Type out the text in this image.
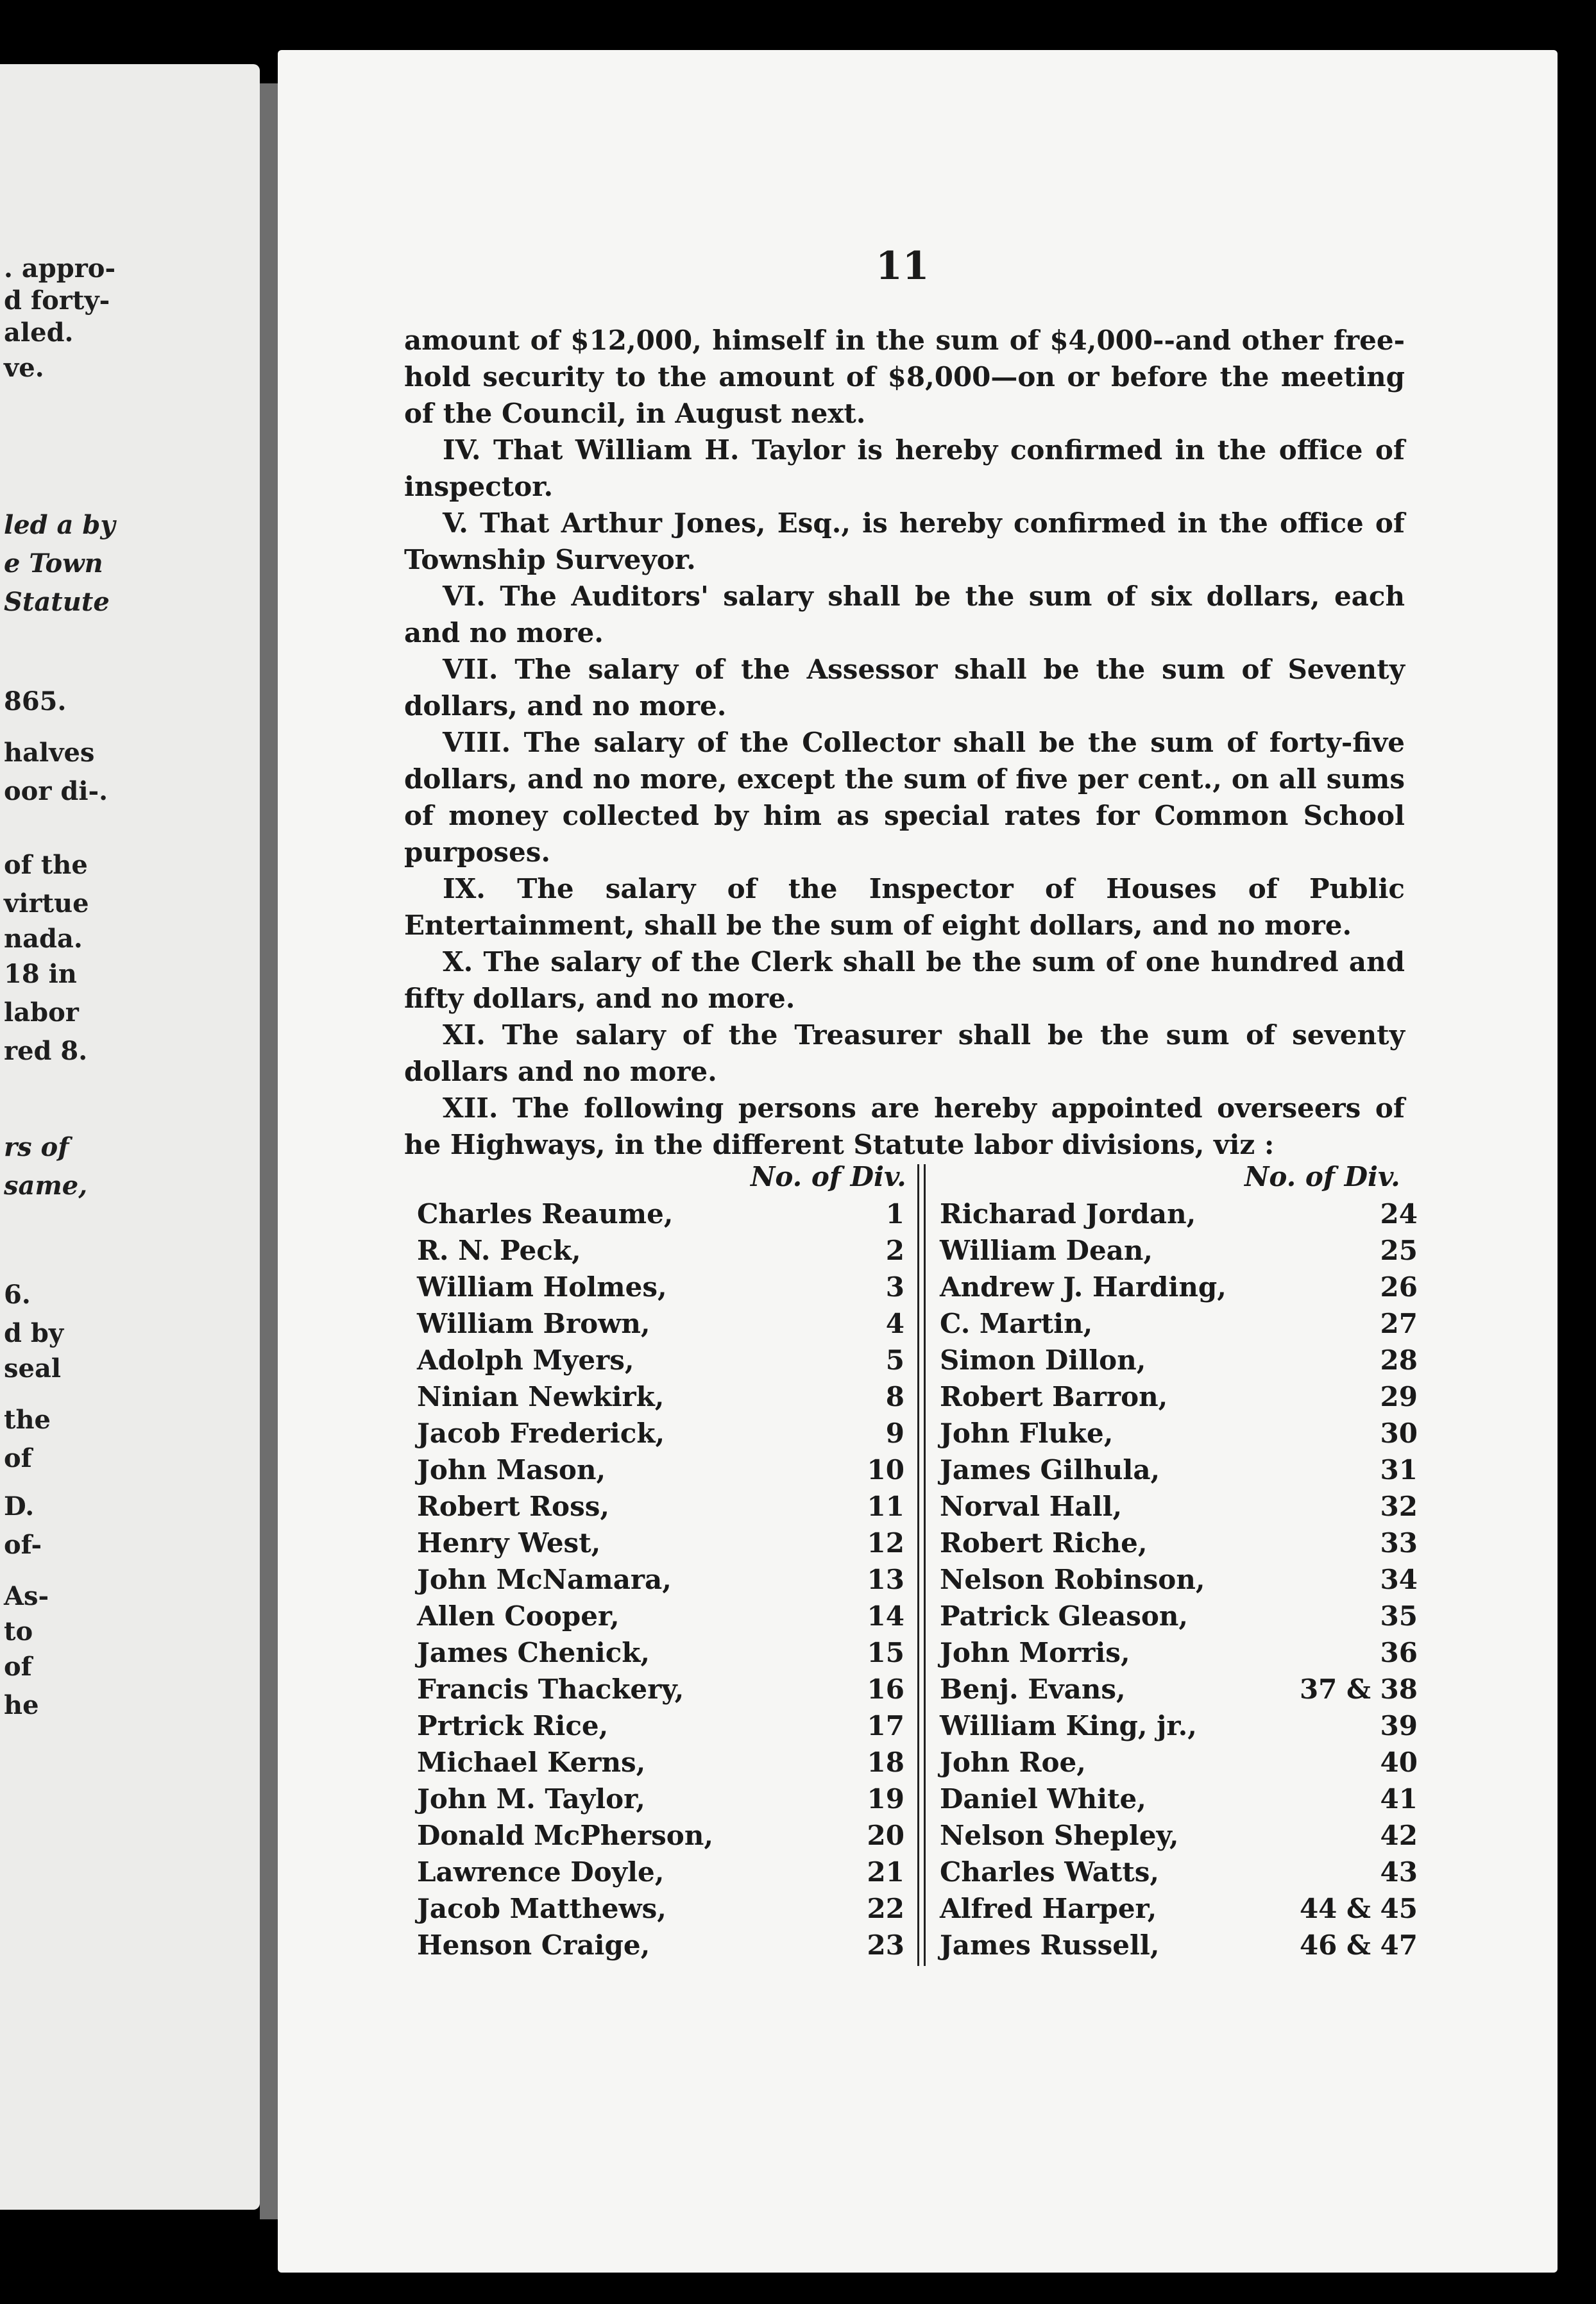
. appro-
d forty-
aled.
ve.
led a by
e Town
Statute
865.
halves
oor di-.
of the
virtue
nada.
18 in
labor
red 8.
rs of
same,
6.
d by
seal
the
of
D.
of-
As-
to
of
he
11

amount of $12,000, himself in the sum of $4,000--and other free-hold security to the amount of $8,000—on or before the meeting of the Council, in August next.

IV. That William H. Taylor is hereby confirmed in the office of inspector.

V. That Arthur Jones, Esq., is hereby confirmed in the office of Township Surveyor.

VI. The Auditors' salary shall be the sum of six dollars, each and no more.

VII. The salary of the Assessor shall be the sum of Seventy dollars, and no more.

VIII. The salary of the Collector shall be the sum of forty-five dollars, and no more, except the sum of five per cent., on all sums of money collected by him as special rates for Common School purposes.

IX. The salary of the Inspector of Houses of Public Entertainment, shall be the sum of eight dollars, and no more.

X. The salary of the Clerk shall be the sum of one hundred and fifty dollars, and no more.

XI. The salary of the Treasurer shall be the sum of seventy dollars and no more.

XII. The following persons are hereby appointed overseers of he Highways, in the different Statute labor divisions, viz :

No. of Div.	No. of Div.
Charles Reaume,	1
R. N. Peck,	2
William Holmes,	3
William Brown,	4
Adolph Myers,	5
Ninian Newkirk,	8
Jacob Frederick,	9
John Mason,	10
Robert Ross,	11
Henry West,	12
John McNamara,	13
Allen Cooper,	14
James Chenick,	15
Francis Thackery,	16
Prtrick Rice,	17
Michael Kerns,	18
John M. Taylor,	19
Donald McPherson,	20
Lawrence Doyle,	21
Jacob Matthews,	22
Henson Craige,	23
Richarad Jordan,	24
William Dean,	25
Andrew J. Harding,	26
C. Martin,	27
Simon Dillon,	28
Robert Barron,	29
John Fluke,	30
James Gilhula,	31
Norval Hall,	32
Robert Riche,	33
Nelson Robinson,	34
Patrick Gleason,	35
John Morris,	36
Benj. Evans,	37 & 38
William King, jr.,	39
John Roe,	40
Daniel White,	41
Nelson Shepley,	42
Charles Watts,	43
Alfred Harper,	44 & 45
James Russell,	46 & 47
